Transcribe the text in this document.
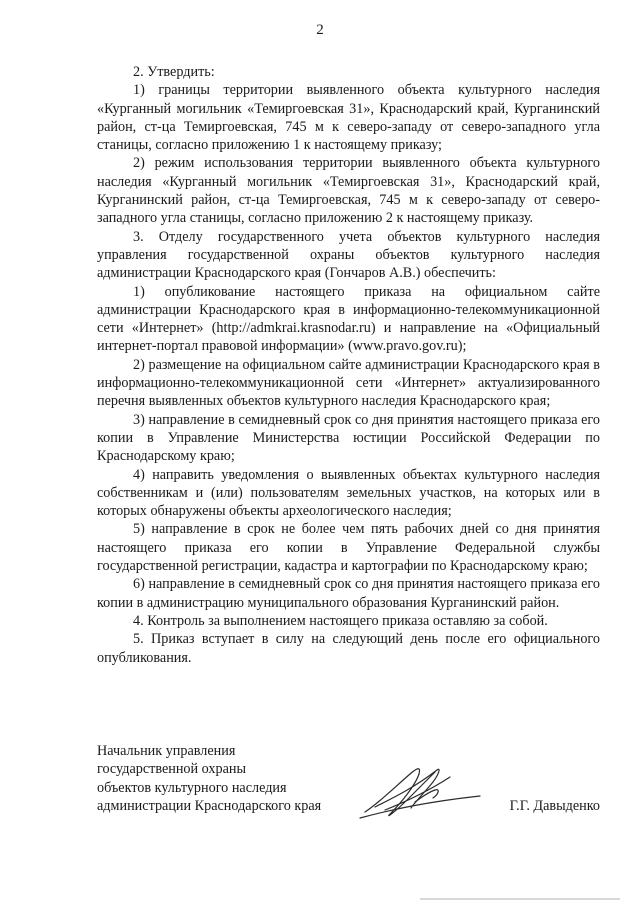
2

2. Утвердить:

1) границы территории выявленного объекта культурного наследия «Курганный могильник «Темиргоевская 31», Краснодарский край, Курганинский район, ст-ца Темиргоевская, 745 м к северо-западу от северо-западного угла станицы, согласно приложению 1 к настоящему приказу;

2) режим использования территории выявленного объекта культурного наследия «Курганный могильник «Темиргоевская 31», Краснодарский край, Курганинский район, ст-ца Темиргоевская, 745 м к северо-западу от северо-западного угла станицы, согласно приложению 2 к настоящему приказу.

3. Отделу государственного учета объектов культурного наследия управления государственной охраны объектов культурного наследия администрации Краснодарского края (Гончаров А.В.) обеспечить:

1) опубликование настоящего приказа на официальном сайте администрации Краснодарского края в информационно-телекоммуникационной сети «Интернет» (http://admkrai.krasnodar.ru) и направление на «Официальный интернет-портал правовой информации» (www.pravo.gov.ru);

2) размещение на официальном сайте администрации Краснодарского края в информационно-телекоммуникационной сети «Интернет» актуализированного перечня выявленных объектов культурного наследия Краснодарского края;

3) направление в семидневный срок со дня принятия настоящего приказа его копии в Управление Министерства юстиции Российской Федерации по Краснодарскому краю;

4) направить уведомления о выявленных объектах культурного наследия собственникам и (или) пользователям земельных участков, на которых или в которых обнаружены объекты археологического наследия;

5) направление в срок не более чем пять рабочих дней со дня принятия настоящего приказа его копии в Управление Федеральной службы государственной регистрации, кадастра и картографии по Краснодарскому краю;

6) направление в семидневный срок со дня принятия настоящего приказа его копии в администрацию муниципального образования Курганинский район.

4. Контроль за выполнением настоящего приказа оставляю за собой.

5. Приказ вступает в силу на следующий день после его официального опубликования.

Начальник управления
государственной охраны
объектов культурного наследия
администрации Краснодарского края	Г.Г. Давыденко
